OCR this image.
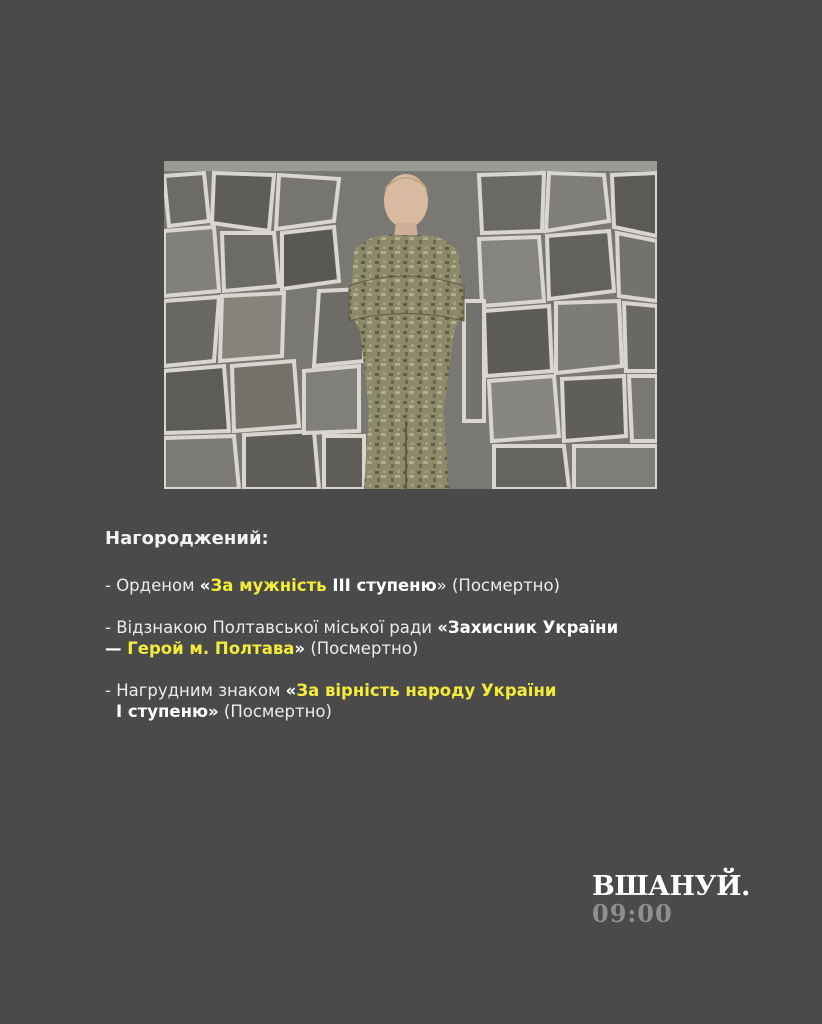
Нагороджений:
- Орденом «За мужність III ступеню» (Посмертно)
- Відзнакою Полтавської міської ради «Захисник України
— Герой м. Полтава» (Посмертно)
- Нагрудним знаком «За вірність народу України
І ступеню» (Посмертно)
ВШАНУЙ.
09:00
